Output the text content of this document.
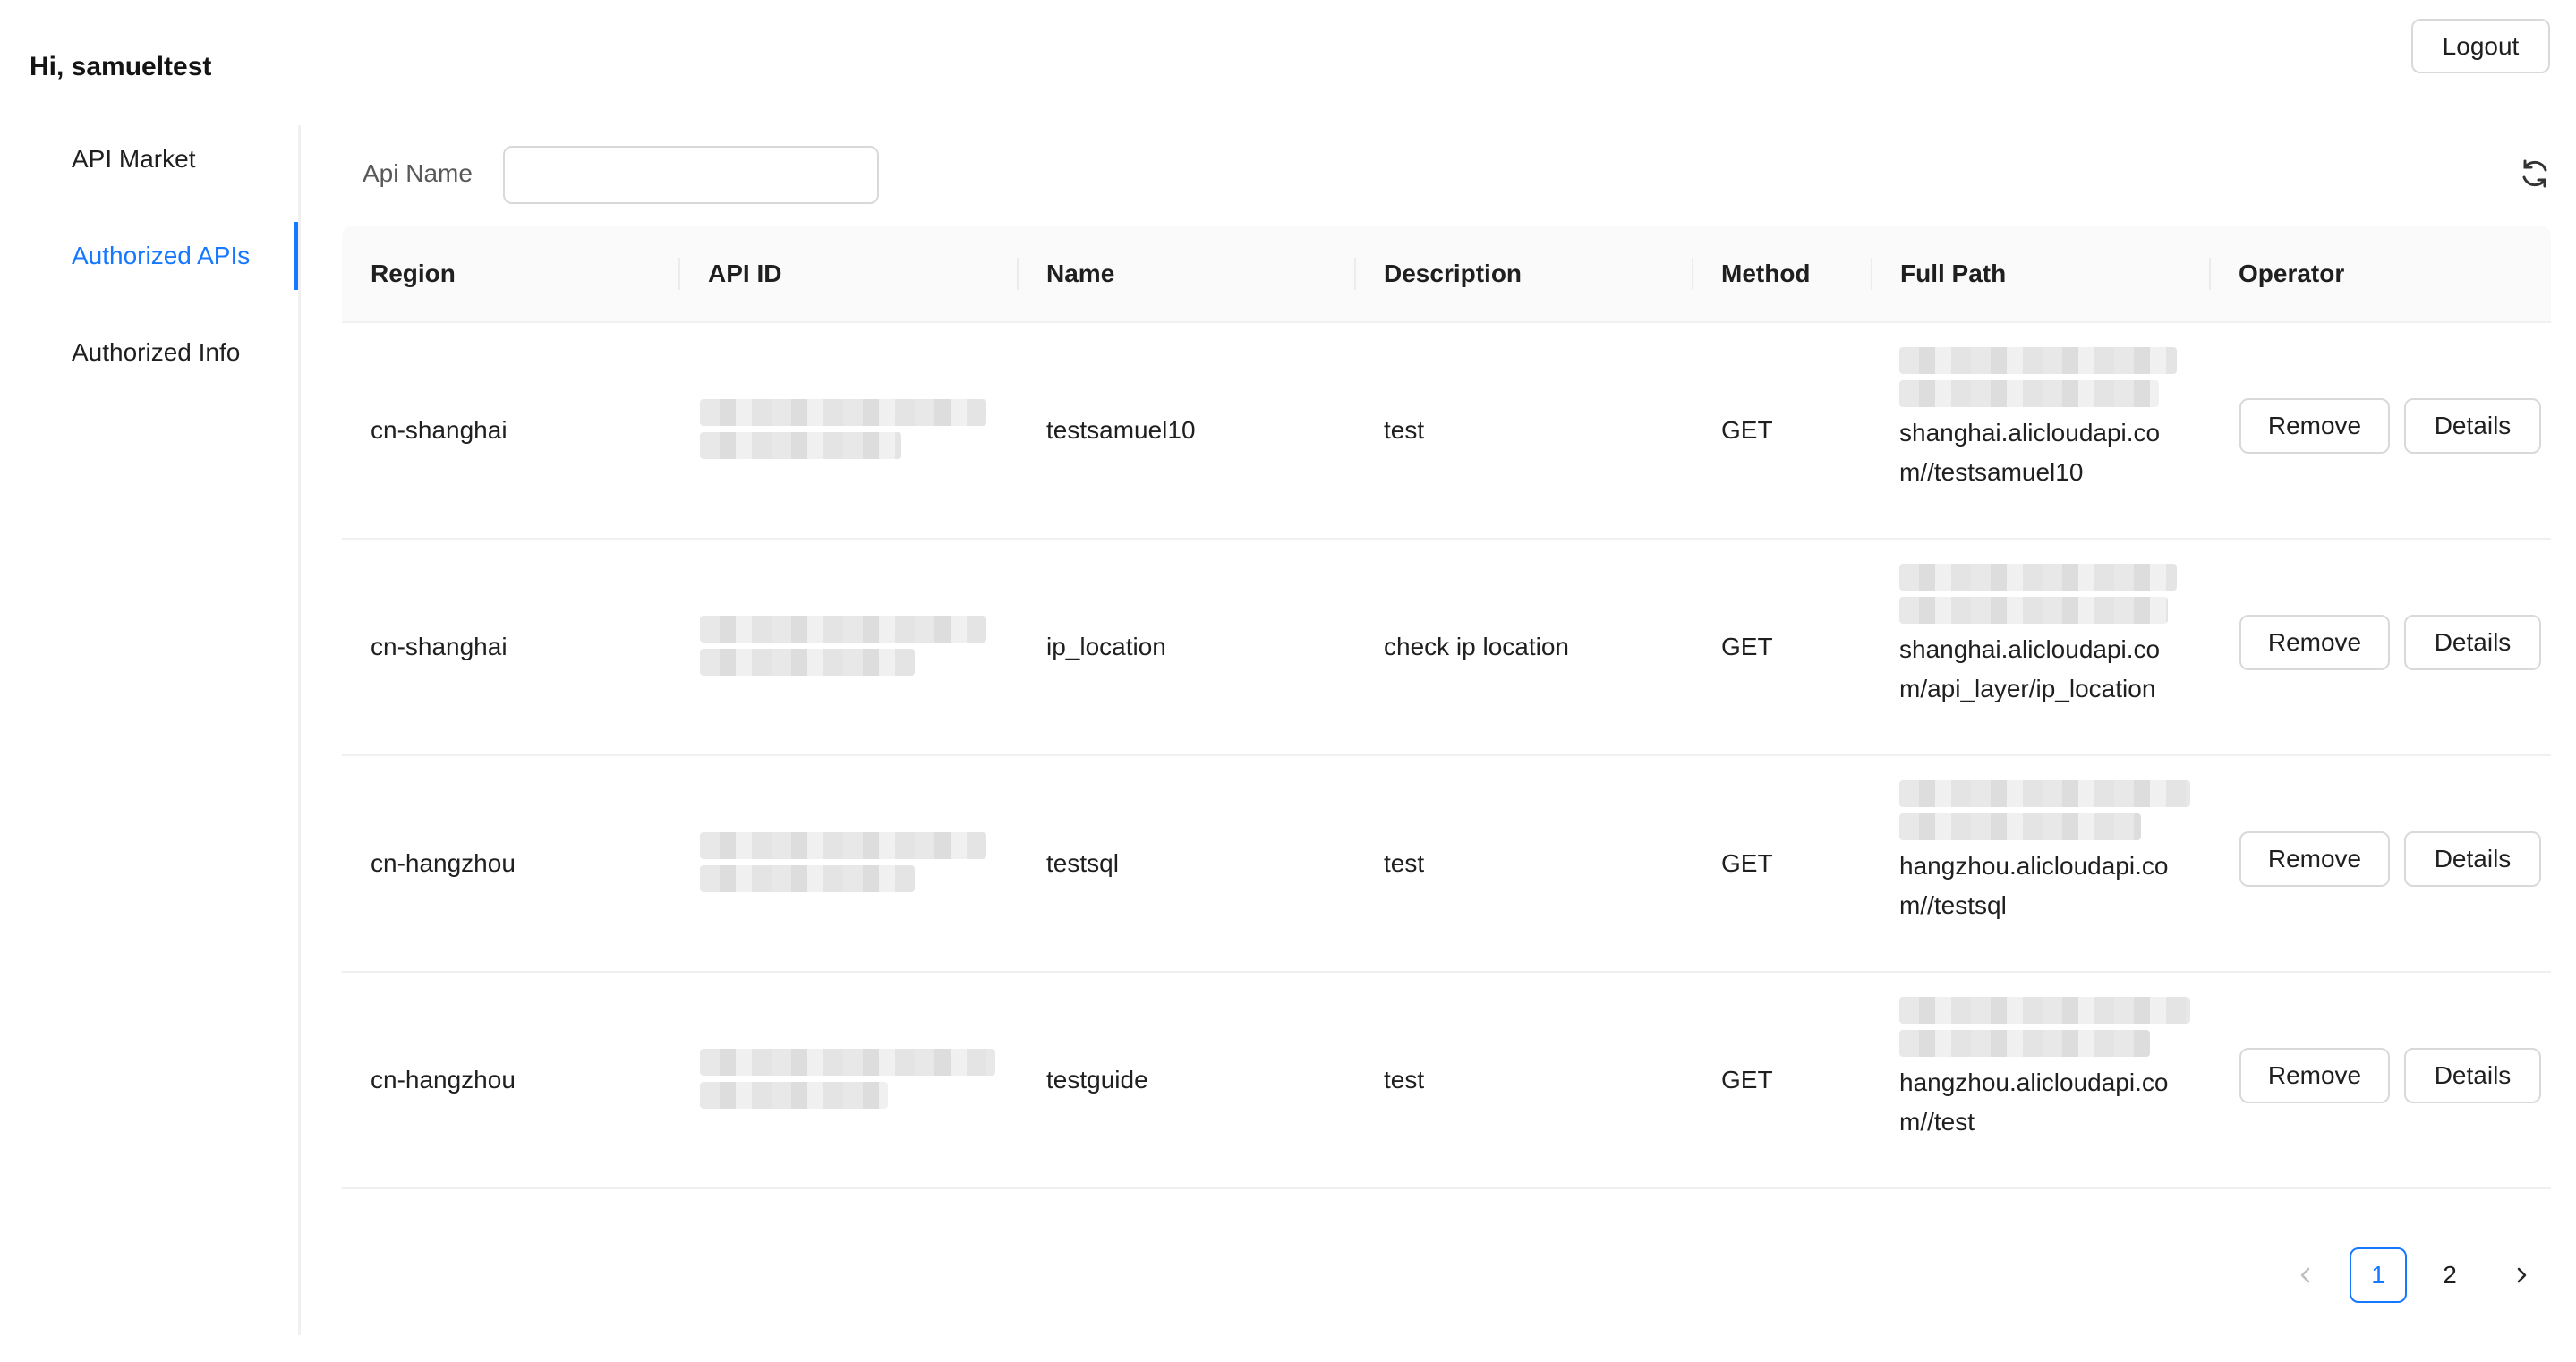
Hi, samueltest
Logout
API Market
Authorized APIs
Authorized Info
Api Name
Region	API ID	Name	Description	Method	Full Path	Operator
cn-shanghai	testsamuel10	test	GET	shanghai.alicloudapi.co
m//testsamuel10
Remove	Details
cn-shanghai	ip_location	check ip location	GET	shanghai.alicloudapi.co
m/api_layer/ip_location
Remove	Details
cn-hangzhou	testsql	test	GET	hangzhou.alicloudapi.co
m//testsql
Remove	Details
cn-hangzhou	testguide	test	GET	hangzhou.alicloudapi.co
m//test
Remove	Details
1	2
